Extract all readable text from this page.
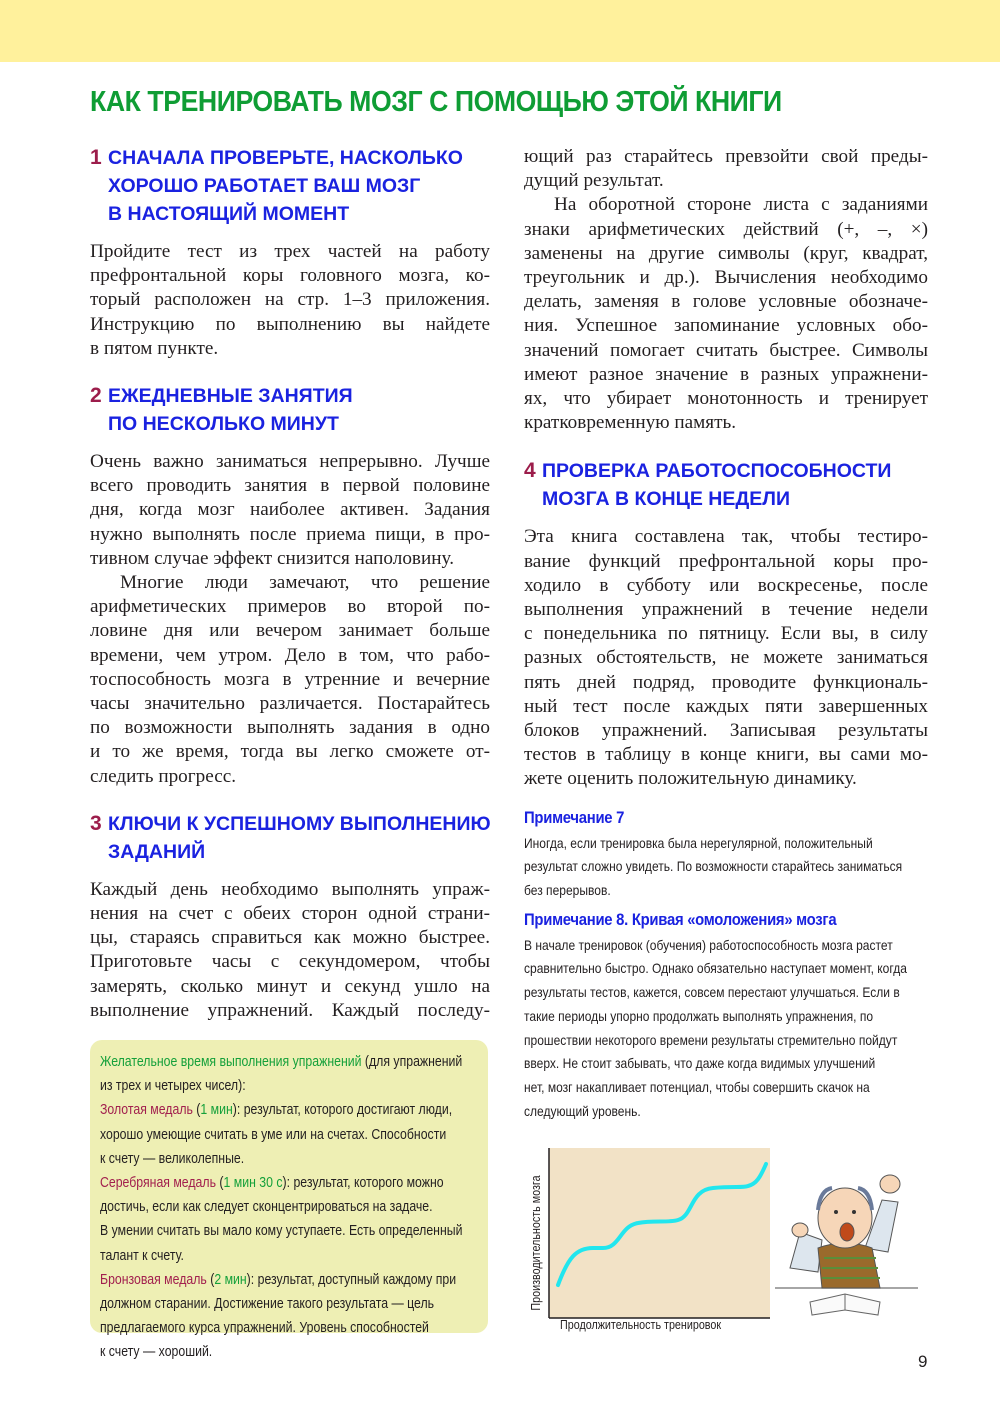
КАК ТРЕНИРОВАТЬ МОЗГ С ПОМОЩЬЮ ЭТОЙ КНИГИ
1 СНАЧАЛА ПРОВЕРЬТЕ, НАСКОЛЬКО
ХОРОШО РАБОТАЕТ ВАШ МОЗГ
В НАСТОЯЩИЙ МОМЕНТ
Пройдите тест из трех частей на работу
префронтальной коры головного мозга, ко-
торый расположен на стр. 1–3 приложения.
Инструкцию по выполнению вы найдете
в пятом пункте.
2 ЕЖЕДНЕВНЫЕ ЗАНЯТИЯ
ПО НЕСКОЛЬКО МИНУТ
Очень важно заниматься непрерывно. Лучше
всего проводить занятия в первой половине
дня, когда мозг наиболее активен. Задания
нужно выполнять после приема пищи, в про-
тивном случае эффект снизится наполовину.
Многие люди замечают, что решение
арифметических примеров во второй по-
ловине дня или вечером занимает больше
времени, чем утром. Дело в том, что рабо-
тоспособность мозга в утренние и вечерние
часы значительно различается. Постарайтесь
по возможности выполнять задания в одно
и то же время, тогда вы легко сможете от-
следить прогресс.
3 КЛЮЧИ К УСПЕШНОМУ ВЫПОЛНЕНИЮ
ЗАДАНИЙ
Каждый день необходимо выполнять упраж-
нения на счет с обеих сторон одной страни-
цы, стараясь справиться как можно быстрее.
Приготовьте часы с секундомером, чтобы
замерять, сколько минут и секунд ушло на
выполнение упражнений. Каждый последу-
Желательное время выполнения упражнений (для упражнений
из трех и четырех чисел):
Золотая медаль (1 мин): результат, которого достигают люди,
хорошо умеющие считать в уме или на счетах. Способности
к счету — великолепные.
Серебряная медаль (1 мин 30 с): результат, которого можно
достичь, если как следует сконцентрироваться на задаче.
В умении считать вы мало кому уступаете. Есть определенный
талант к счету.
Бронзовая медаль (2 мин): результат, доступный каждому при
должном старании. Достижение такого результата — цель
предлагаемого курса упражнений. Уровень способностей
к счету — хороший.
ющий раз старайтесь превзойти свой преды-
дущий результат.
На оборотной стороне листа с заданиями
знаки арифметических действий (+, –, ×)
заменены на другие символы (круг, квадрат,
треугольник и др.). Вычисления необходимо
делать, заменяя в голове условные обозначе-
ния. Успешное запоминание условных обо-
значений помогает считать быстрее. Символы
имеют разное значение в разных упражнени-
ях, что убирает монотонность и тренирует
кратковременную память.
4 ПРОВЕРКА РАБОТОСПОСОБНОСТИ
МОЗГА В КОНЦЕ НЕДЕЛИ
Эта книга составлена так, чтобы тестиро-
вание функций префронтальной коры про-
ходило в субботу или воскресенье, после
выполнения упражнений в течение недели
с понедельника по пятницу. Если вы, в силу
разных обстоятельств, не можете заниматься
пять дней подряд, проводите функциональ-
ный тест после каждых пяти завершенных
блоков упражнений. Записывая результаты
тестов в таблицу в конце книги, вы сами мо-
жете оценить положительную динамику.
Примечание 7
Иногда, если тренировка была нерегулярной, положительный
результат сложно увидеть. По возможности старайтесь заниматься
без перерывов.
Примечание 8. Кривая «омоложения» мозга
В начале тренировок (обучения) работоспособность мозга растет
сравнительно быстро. Однако обязательно наступает момент, когда
результаты тестов, кажется, совсем перестают улучшаться. Если в
такие периоды упорно продолжать выполнять упражнения, по
прошествии некоторого времени результаты стремительно пойдут
вверх. Не стоит забывать, что даже когда видимых улучшений
нет, мозг накапливает потенциал, чтобы совершить скачок на
следующий уровень.
Производительность мозга
Продолжительность тренировок
9
